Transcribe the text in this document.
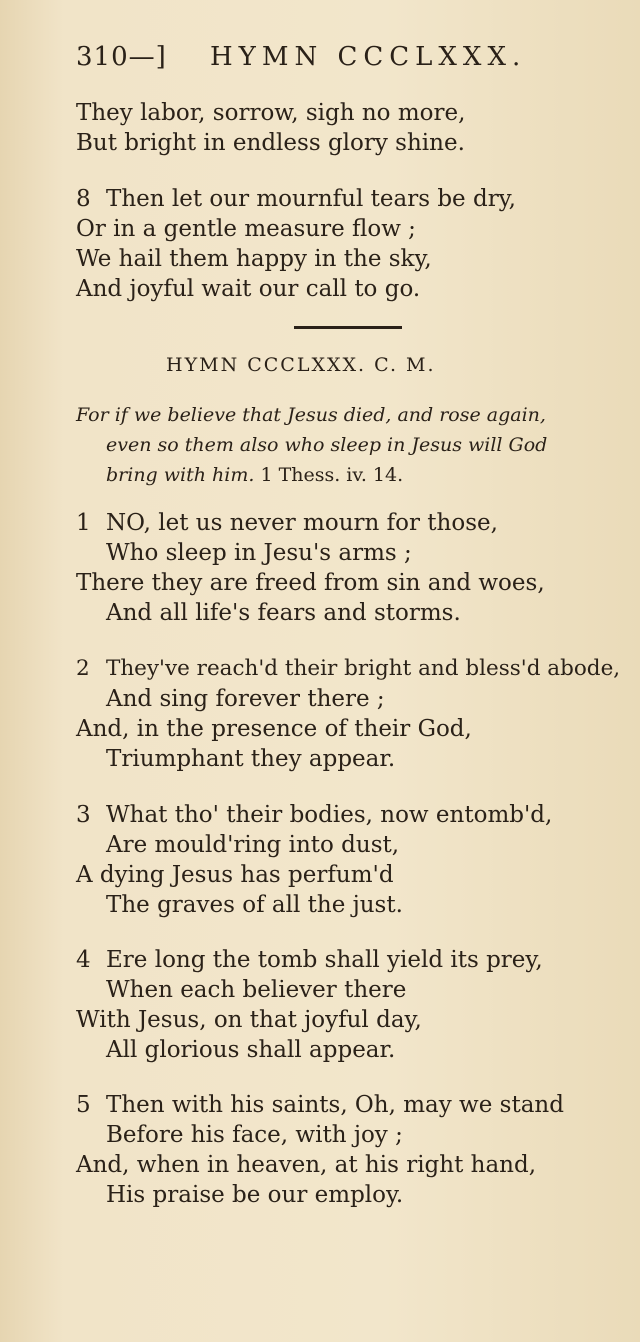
310—] HYMN CCCLXXX.
They labor, sorrow, sigh no more,
But bright in endless glory shine.
8 Then let our mournful tears be dry,
Or in a gentle measure flow ;
We hail them happy in the sky,
And joyful wait our call to go.
HYMN CCCLXXX. C. M.
For if we believe that Jesus died, and rose again,
even so them also who sleep in Jesus will God
bring with him. 1 Thess. iv. 14.
1 NO, let us never mourn for those,
Who sleep in Jesu's arms ;
There they are freed from sin and woes,
And all life's fears and storms.
2 They've reach'd their bright and bless'd abode,
And sing forever there ;
And, in the presence of their God,
Triumphant they appear.
3 What tho' their bodies, now entomb'd,
Are mould'ring into dust,
A dying Jesus has perfum'd
The graves of all the just.
4 Ere long the tomb shall yield its prey,
When each believer there
With Jesus, on that joyful day,
All glorious shall appear.
5 Then with his saints, Oh, may we stand
Before his face, with joy ;
And, when in heaven, at his right hand,
His praise be our employ.
